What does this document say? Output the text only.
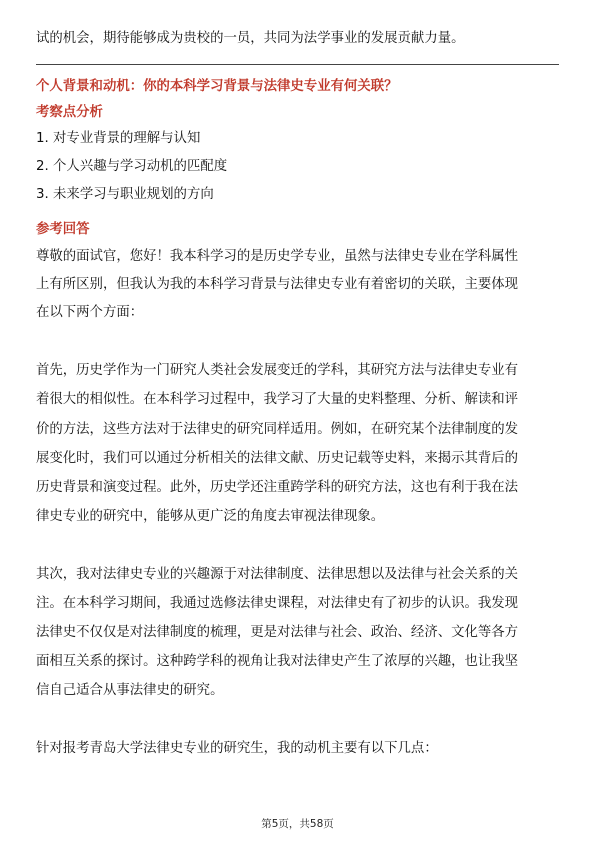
试的机会，期待能够成为贵校的一员，共同为法学事业的发展贡献力量。
个人背景和动机：你的本科学习背景与法律史专业有何关联？
考察点分析
1. 对专业背景的理解与认知
2. 个人兴趣与学习动机的匹配度
3. 未来学习与职业规划的方向
参考回答
尊敬的面试官，您好！我本科学习的是历史学专业，虽然与法律史专业在学科属性
上有所区别，但我认为我的本科学习背景与法律史专业有着密切的关联，主要体现
在以下两个方面：
首先，历史学作为一门研究人类社会发展变迁的学科，其研究方法与法律史专业有
着很大的相似性。在本科学习过程中，我学习了大量的史料整理、分析、解读和评
价的方法，这些方法对于法律史的研究同样适用。例如，在研究某个法律制度的发
展变化时，我们可以通过分析相关的法律文献、历史记载等史料，来揭示其背后的
历史背景和演变过程。此外，历史学还注重跨学科的研究方法，这也有利于我在法
律史专业的研究中，能够从更广泛的角度去审视法律现象。
其次，我对法律史专业的兴趣源于对法律制度、法律思想以及法律与社会关系的关
注。在本科学习期间，我通过选修法律史课程，对法律史有了初步的认识。我发现
法律史不仅仅是对法律制度的梳理，更是对法律与社会、政治、经济、文化等各方
面相互关系的探讨。这种跨学科的视角让我对法律史产生了浓厚的兴趣，也让我坚
信自己适合从事法律史的研究。
针对报考青岛大学法律史专业的研究生，我的动机主要有以下几点：
第5页，共58页
